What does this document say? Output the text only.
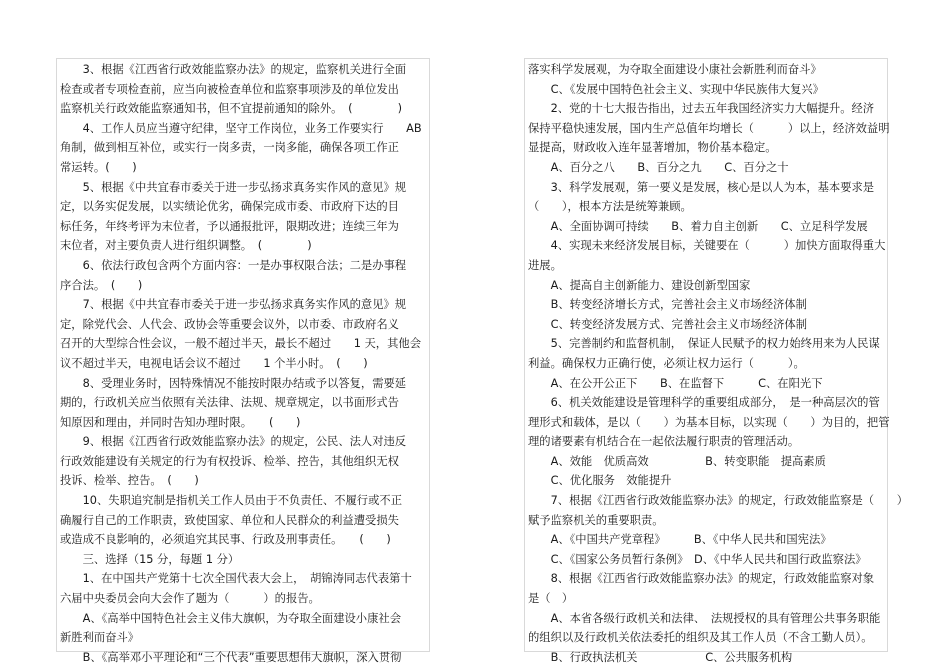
　　3、根据《江西省行政效能监察办法》的规定，监察机关进行全面
检查或者专项检查前，应当向被检查单位和监察事项涉及的单位发出
监察机关行政效能监察通知书，但不宜提前通知的除外。　(　　　　)
　　4、工作人员应当遵守纪律，坚守工作岗位，业务工作要实行　　AB
角制，做到相互补位，或实行一岗多责，一岗多能，确保各项工作正
常运转。(　　)
　　5、根据《中共宜春市委关于进一步弘扬求真务实作风的意见》规
定，以务实促发展，以实绩论优劣，确保完成市委、市政府下达的目
标任务，年终考评为末位者，予以通报批评，限期改进；连续三年为
末位者，对主要负责人进行组织调整。　(　　　　)
　　6、依法行政包含两个方面内容：一是办事权限合法；二是办事程
序合法。　(　　)
　　7、根据《中共宜春市委关于进一步弘扬求真务实作风的意见》规
定，除党代会、人代会、政协会等重要会议外，以市委、市政府名义
召开的大型综合性会议，一般不超过半天，最长不超过　　1 天，其他会
议不超过半天，电视电话会议不超过　　1 个半小时。　(　　)
　　8、受理业务时，因特殊情况不能按时限办结或予以答复，需要延
期的，行政机关应当依照有关法律、法规、规章规定，以书面形式告
知原因和理由，并同时告知办理时限。　　(　　)
　　9、根据《江西省行政效能监察办法》的规定，公民、法人对违反
行政效能建设有关规定的行为有权投诉、检举、控告，其他组织无权
投诉、检举、控告。　(　　)
　　10、失职追究制是指机关工作人员由于不负责任、不履行或不正
确履行自己的工作职责，致使国家、单位和人民群众的利益遭受损失
或造成不良影响的，必须追究其民事、行政及刑事责任。　　(　　)
　　三、选择（15 分，每题 1 分）
　　1、在中国共产党第十七次全国代表大会上，　胡锦涛同志代表第十
六届中央委员会向大会作了题为（　　　）的报告。
　　A、《高举中国特色社会主义伟大旗帜，为夺取全面建设小康社会
新胜利而奋斗》
　　B、《高举邓小平理论和“三个代表”重要思想伟大旗帜，深入贯彻
落实科学发展观，为夺取全面建设小康社会新胜利而奋斗》
　　C、《发展中国特色社会主义、实现中华民族伟大复兴》
　　2、党的十七大报告指出，过去五年我国经济实力大幅提升。经济
保持平稳快速发展，国内生产总值年均增长（　　　）以上，经济效益明
显提高，财政收入连年显著增加，物价基本稳定。
　　A、百分之八　　B、百分之九　　C、百分之十
　　3、科学发展观，第一要义是发展，核心是以人为本，基本要求是
（　　），根本方法是统筹兼顾。
　　A、全面协调可持续　　B、着力自主创新　　C、立足科学发展
　　4、实现未来经济发展目标，关键要在（　　　）加快方面取得重大
进展。
　　A、提高自主创新能力、建设创新型国家
　　B、转变经济增长方式，完善社会主义市场经济体制
　　C、转变经济发展方式、完善社会主义市场经济体制
　　5、完善制约和监督机制，　保证人民赋予的权力始终用来为人民谋
利益。确保权力正确行使，必须让权力运行（　　　）。
　　A、在公开公正下　　B、在监督下　　　C、在阳光下
　　6、机关效能建设是管理科学的重要组成部分，　是一种高层次的管
理形式和载体，是以（　　）为基本目标，以实现（　　）为目的，把管
理的诸要素有机结合在一起依法履行职责的管理活动。
　　A、效能　优质高效　　　　　B、转变职能　提高素质
　　C、优化服务　效能提升
　　7、根据《江西省行政效能监察办法》的规定，行政效能监察是（　　）
赋予监察机关的重要职责。
　　A、《中国共产党章程》　　　B、《中华人民共和国宪法》
　　C、《国家公务员暂行条例》　D、《中华人民共和国行政监察法》
　　8、根据《江西省行政效能监察办法》的规定，行政效能监察对象
是（　）
　　A、本省各级行政机关和法律、　法规授权的具有管理公共事务职能
的组织以及行政机关依法委托的组织及其工作人员（不含工勤人员）。
　　B、行政执法机关　　　　　　C、公共服务机构
